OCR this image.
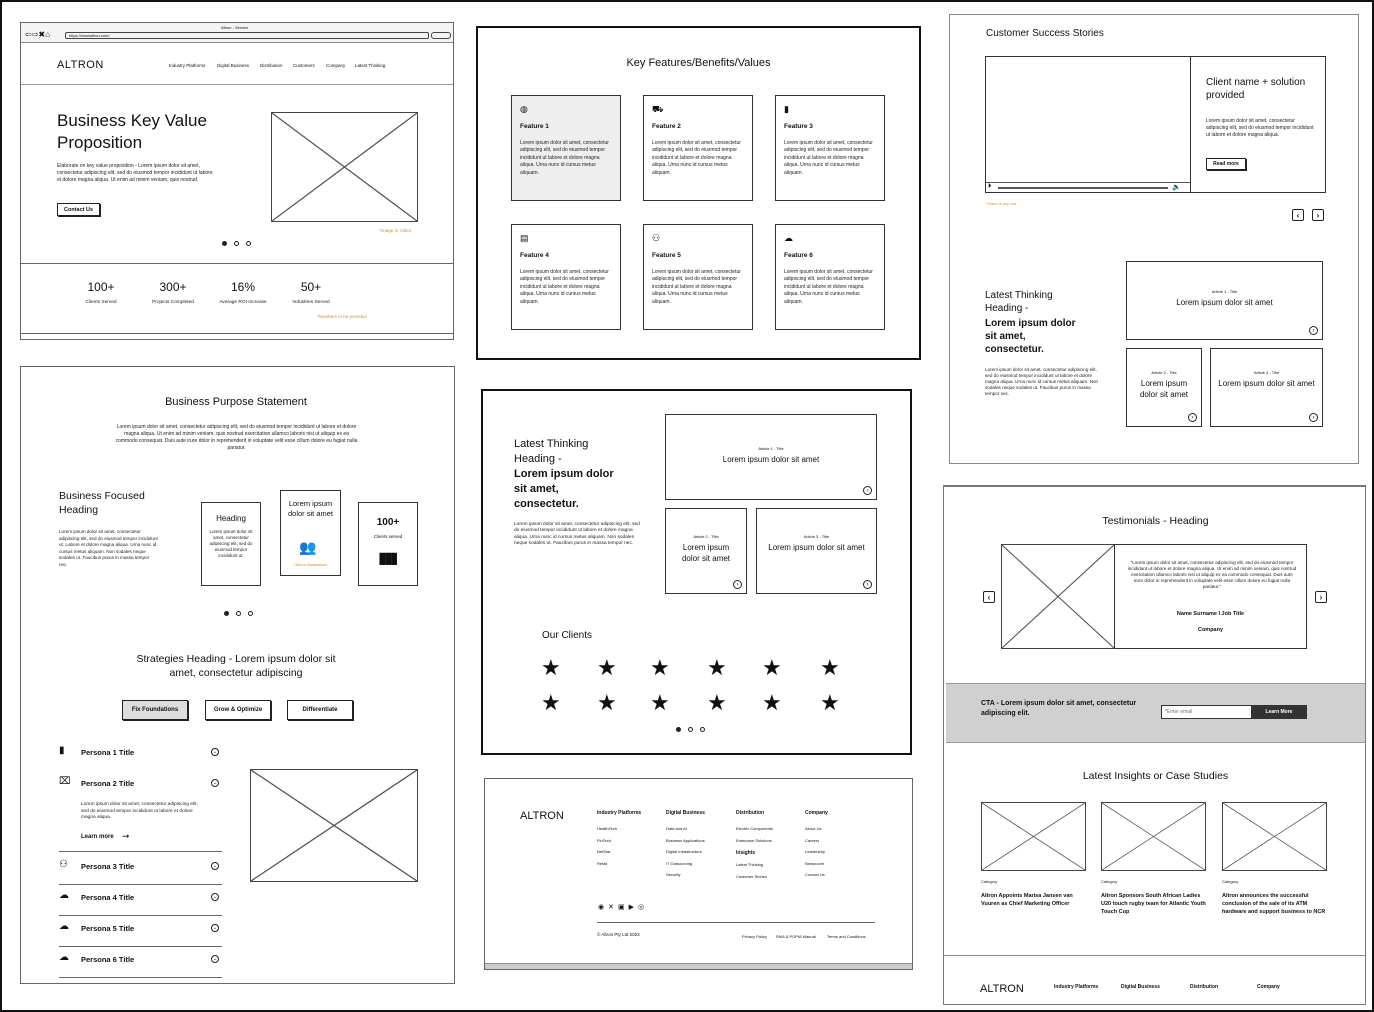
Altron - Service
⇦⇨✖⌂	https://wwwaltron.com/
ALTRON	Industry Platforms	Digital Business Distribution Customers Company Latest Thinking
Business Key Value Proposition
Elaborate on key value proposition - Lorem ipsum dolor sit amet, consectetur adipiscing elit, sed do eiusmod tempor incididunt ut labore et dolore magna aliqua. Ut enim ad minim veniam, quis nostrud.
Contact Us
*Image or Video
100+
Clients Served
300+
Projects Completed
16%
Average ROI Increase
50+
Industries Served
*Numbers to be provided
Key Features/Benefits/Values
◍
Feature 1
Lorem ipsum dolor sit amet, consectetur adipiscing elit, sed do eiusmod tempor incididunt ut labore et dolore magna aliqua. Urna nunc id cursus metus aliquam.
⛟
Feature 2
Lorem ipsum dolor sit amet, consectetur adipiscing elit, sed do eiusmod tempor incididunt ut labore et dolore magna aliqua. Urna nunc id cursus metus aliquam.
▮
Feature 3
Lorem ipsum dolor sit amet, consectetur adipiscing elit, sed do eiusmod tempor incididunt ut labore et dolore magna aliqua. Urna nunc id cursus metus aliquam.
▤
Feature 4
Lorem ipsum dolor sit amet, consectetur adipiscing elit, sed do eiusmod tempor incididunt ut labore et dolore magna aliqua. Urna nunc id cursus metus aliquam.
⚇
Feature 5
Lorem ipsum dolor sit amet, consectetur adipiscing elit, sed do eiusmod tempor incididunt ut labore et dolore magna aliqua. Urna nunc id cursus metus aliquam.
☁
Feature 6
Lorem ipsum dolor sit amet, consectetur adipiscing elit, sed do eiusmod tempor incididunt ut labore et dolore magna aliqua. Urna nunc id cursus metus aliquam.
Customer Success Stories
⏵	🔈
Client name + solution provided
Lorem ipsum dolor sit amet, consectetur adipiscing elit, sed do eiusmod tempor incididunt ut labore et dolore magna aliqua.
Read more
*Video is pop out
‹	›
Latest Thinking Heading -
Lorem ipsum dolor sit amet, consectetur.
Lorem ipsum dolor sit amet, consectetur adipiscing elit, sed do eiusmod tempor incididunt ut labore et dolore magna aliqua. Urna nunc id cursus metus aliquam. Non sodales neque sodales ut. Faucibus purus in massa tempor nec.
Article 1 - Title
Lorem ipsum dolor sit amet
›
Article 2 - Title
Lorem ipsum dolor sit amet
›
Article 3 - Title
Lorem ipsum dolor sit amet
›
Business Purpose Statement
Lorem ipsum dolor sit amet, consectetur adipiscing elit, sed do eiusmod tempor incididunt ut labore et dolore magna aliqua. Ut enim ad minim veniam, quis nostrud exercitation ullamco laboris nisi ut aliquip ex ea commodo consequat. Duis aute irure dolor in reprehenderit in voluptate velit esse cillum dolore eu fugiat nulla pariatur.
Business Focused Heading
Lorem ipsum dolor sit amet, consectetur adipiscing elit, sed do eiusmod tempor incididunt ut. Labore et dolore magna aliqua. Urna nunc id cursus metus aliquam. Non sodales neque sodales ut. Faucibus purus in massa tempor nec.
Heading
Lorem ipsum dolor sit amet, consectetur adipiscing elit, sed do eiusmod tempor incididunt ut.
Lorem ipsum dolor sit amet
👥
*Altron illustrations
100+
Clients served
▮▮▮
Strategies Heading - Lorem ipsum dolor sit amet, consectetur adipiscing
Fix Foundations	Grow & Optimize	Differentiate
▮ Persona 1 Title	⌄
⌧ Persona 2 Title	⌄
Lorem ipsum dolor sit amet, consectetur adipiscing elit, sed do eiusmod tempor incididunt ut labore et dolore magna aliqua.
Learn more ➞
⚇ Persona 3 Title	⌄
☁ Persona 4 Title	⌄
☁ Persona 5 Title	⌄
☁ Persona 6 Title	⌄
Latest Thinking Heading -
Lorem ipsum dolor sit amet, consectetur.
Lorem ipsum dolor sit amet, consectetur adipiscing elit, sed do eiusmod tempor incididunt ut labore et dolore magna aliqua. Urna nunc id cursus metus aliquam. Non sodales neque sodales ut. Faucibus purus in massa tempor nec.
Article 1 - Title
Lorem ipsum dolor sit amet
›
Article 2 - Title
Lorem ipsum dolor sit amet
›
Article 3 - Title
Lorem ipsum dolor sit amet
›
Our Clients
★ ★ ★ ★ ★ ★
★ ★ ★ ★ ★ ★
ALTRON	Industry Platforms
HealthTech
FinTech
NetStar
Retail
Digital Business
Data and AI
Business Applications
Digital Infrastructure
IT Outsourcing
Security
Distribution
Electric Components
Enterprise Solutions
Insights
Latest Thinking
Customer Stories
Company
About Us
Careers
Leadership
Newsroom
Contact Us
◉✕▣▶◎
© Altron Pty Ltd 2023	Privacy Policy PAIA & POPIA Manual	Terms and Conditions
Testimonials - Heading
"Lorem ipsum dolor sit amet, consectetur adipiscing elit, sed do eiusmod tempor incididunt ut labore et dolore magna aliqua. Ut enim ad minim veniam, quis nostrud exercitation ullamco laboris nisi ut aliquip ex ea commodo consequat. Duis aute irure dolor in reprehenderit in voluptate velit esse cillum dolore eu fugiat nulla pariatur."
Name Surname I Job Title
Company
‹	›
CTA - Lorem ipsum dolor sit amet, consectetur adipiscing elit.
*Enter email	Learn More
Latest Insights or Case Studies
Category
Altron Appoints Marisa Jansen van Vuuren as Chief Marketing Officer
Category
Altron Sponsors South African Ladies U20 touch rugby team for Atlantic Youth Touch Cup
Category
Altron announces the successful conclusion of the sale of its ATM hardware and support business to NCR
ALTRON	Industry Platforms	Digital Business	Distribution	Company
